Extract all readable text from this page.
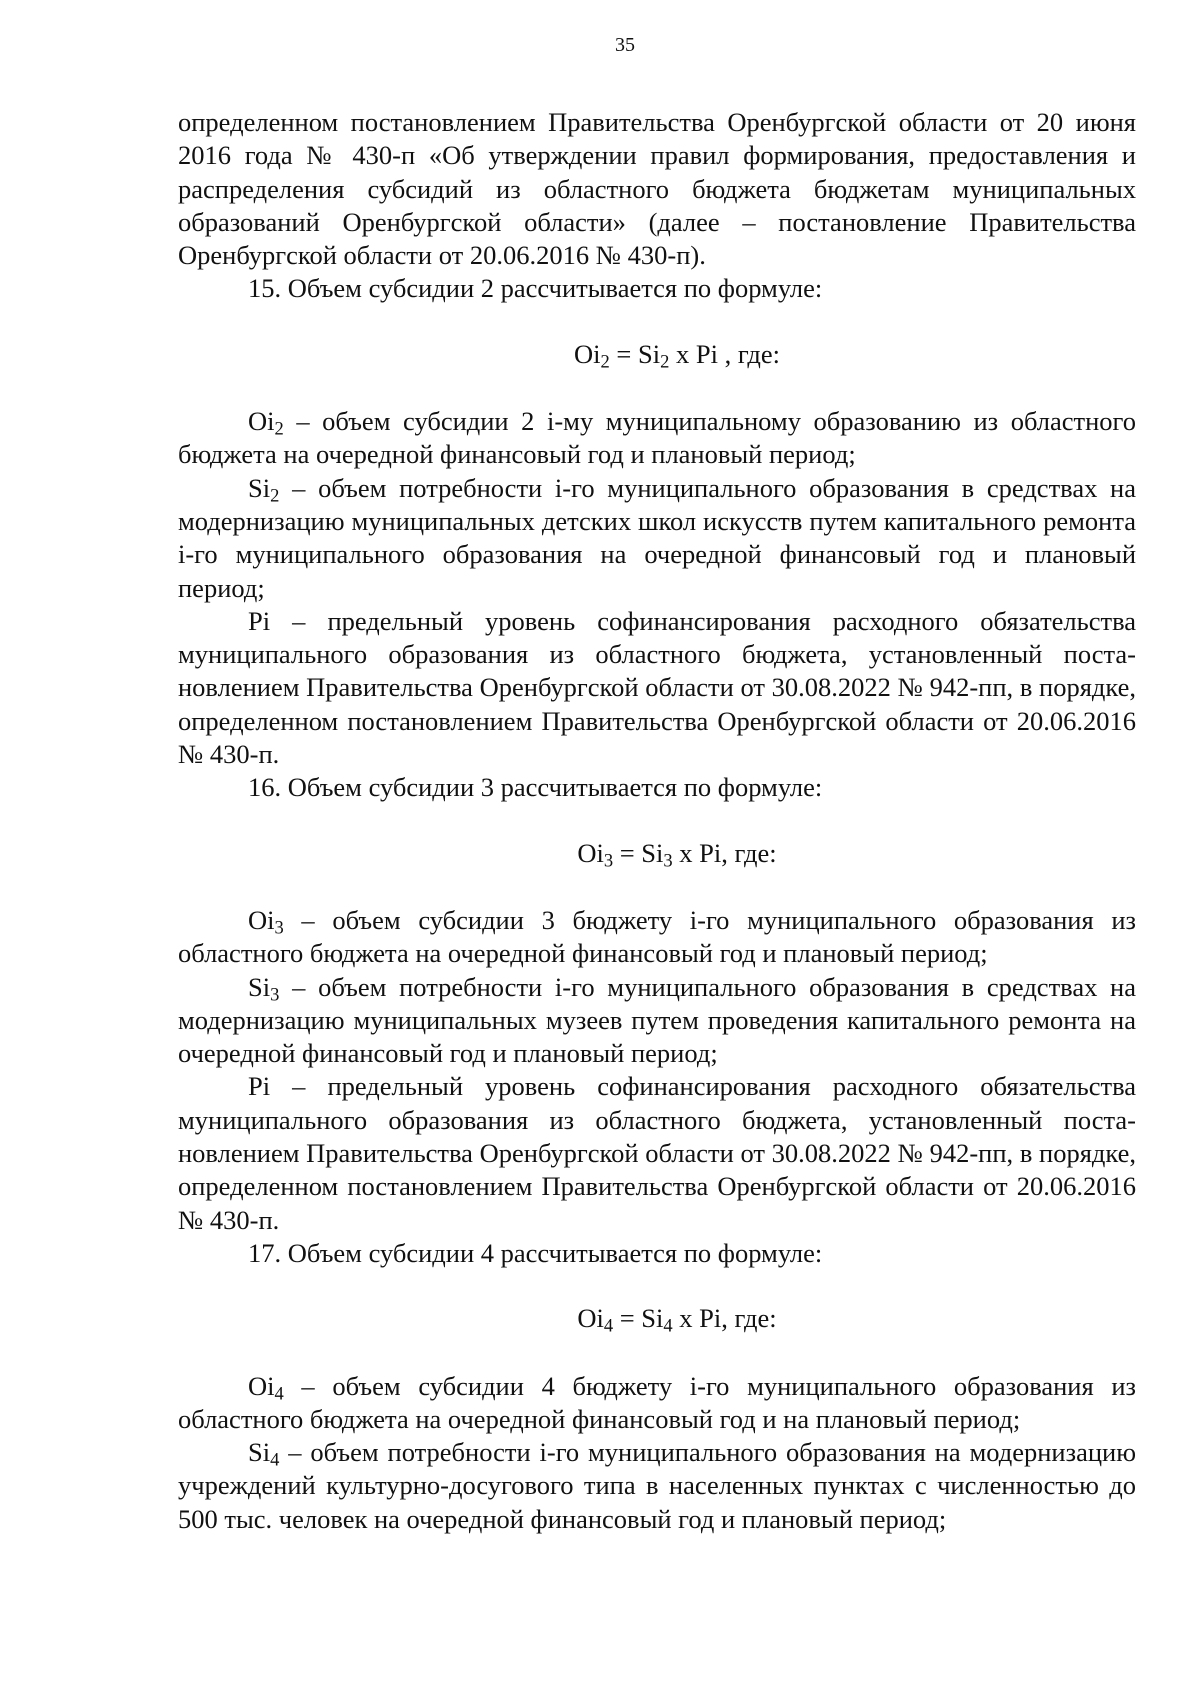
35

определенном постановлением Правительства Оренбургской области от 20 июня 2016 года № 430-п «Об утверждении правил формирования, предоставления и распределения субсидий из областного бюджета бюджетам муниципальных образований Оренбургской области» (далее – постановление Правительства Оренбургской области от 20.06.2016 № 430-п).

15. Объем субсидии 2 рассчитывается по формуле:

$Oi_2 = Si_2$ x Pi , где:

$Oi_2$ – объем субсидии 2 i-му муниципальному образованию из областного бюджета на очередной финансовый год и плановый период;

$Si_2$ – объем потребности i-го муниципального образования в средствах на модернизацию муниципальных детских школ искусств путем капитального ремонта i-го муниципального образования на очередной финансовый год и плановый период;

Pi – предельный уровень софинансирования расходного обязательства муниципального образования из областного бюджета, установленный постановлением Правительства Оренбургской области от 30.08.2022 № 942-пп, в порядке, определенном постановлением Правительства Оренбургской области от 20.06.2016 № 430-п.

16. Объем субсидии 3 рассчитывается по формуле:

$Oi_3 = Si_3$ x Pi, где:

$Oi_3$ – объем субсидии 3 бюджету i-го муниципального образования из областного бюджета на очередной финансовый год и плановый период;

$Si_3$ – объем потребности i-го муниципального образования в средствах на модернизацию муниципальных музеев путем проведения капитального ремонта на очередной финансовый год и плановый период;

Pi – предельный уровень софинансирования расходного обязательства муниципального образования из областного бюджета, установленный постановлением Правительства Оренбургской области от 30.08.2022 № 942-пп, в порядке, определенном постановлением Правительства Оренбургской области от 20.06.2016 № 430-п.

17. Объем субсидии 4 рассчитывается по формуле:

$Oi_4 = Si_4$ x Pi, где:

$Oi_4$ – объем субсидии 4 бюджету i-го муниципального образования из областного бюджета на очередной финансовый год и на плановый период;

$Si_4$ – объем потребности i-го муниципального образования на модернизацию учреждений культурно-досугового типа в населенных пунктах с численностью до 500 тыс. человек на очередной финансовый год и плановый период;
